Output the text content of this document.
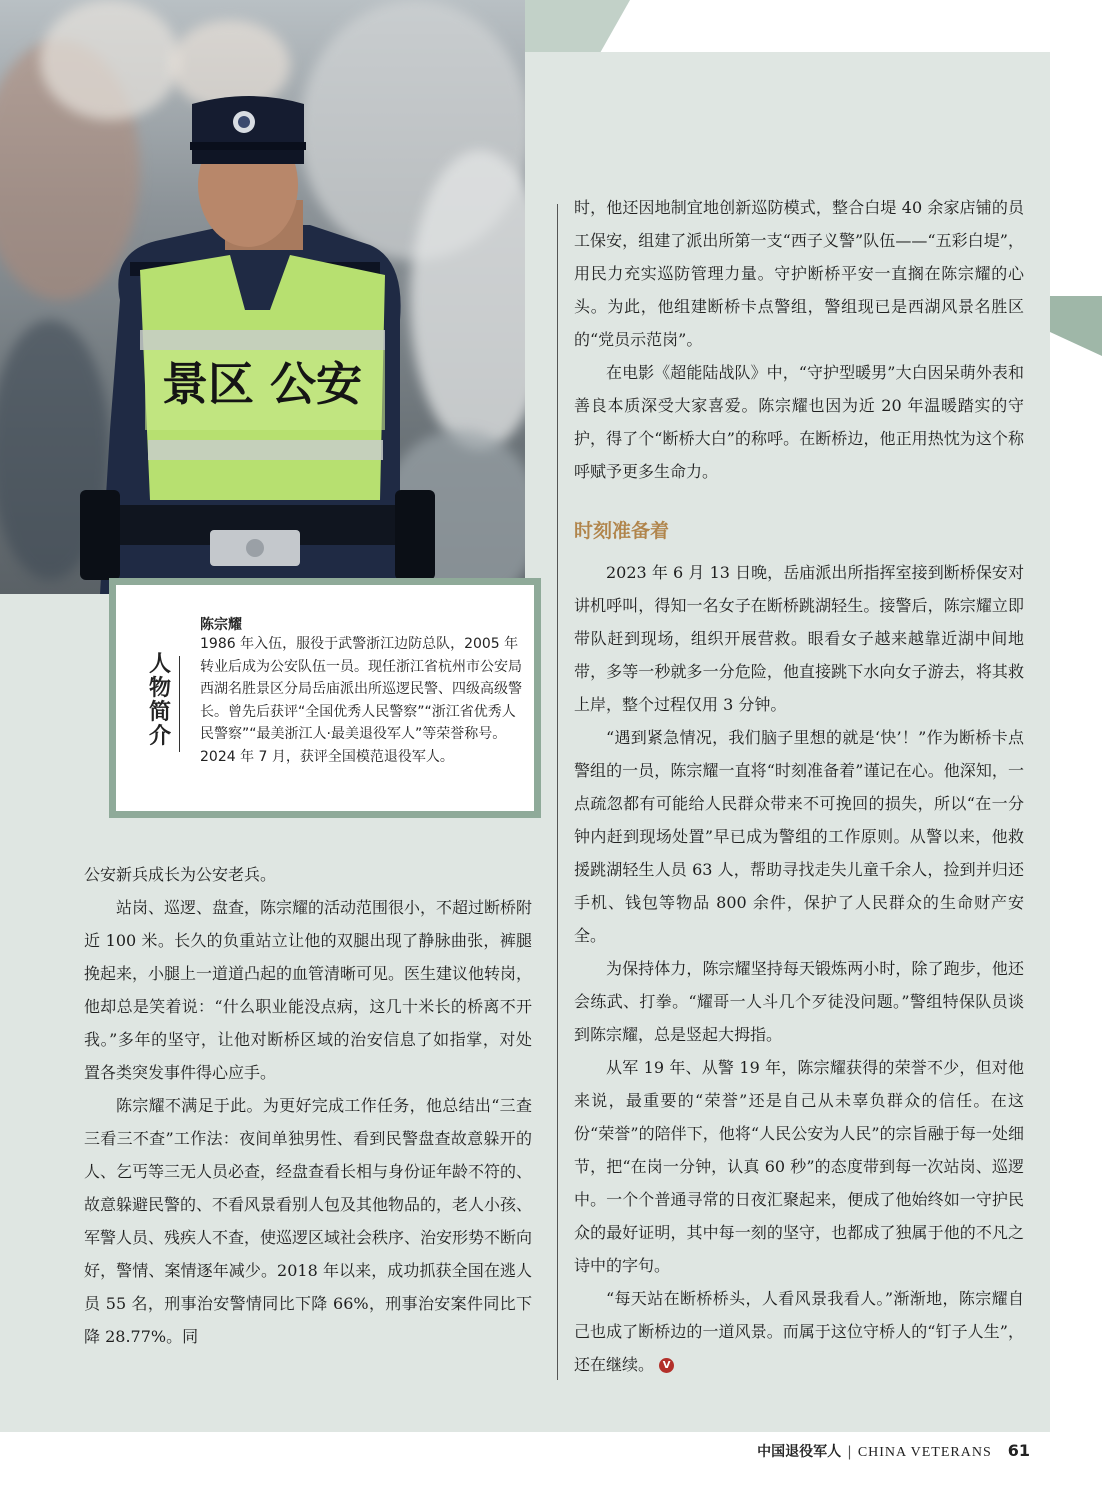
景区 公安
人物简介
陈宗耀
1986 年入伍，服役于武警浙江边防总队，2005 年转业后成为公安队伍一员。现任浙江省杭州市公安局西湖名胜景区分局岳庙派出所巡逻民警、四级高级警长。曾先后获评“全国优秀人民警察”“浙江省优秀人民警察”“最美浙江人·最美退役军人”等荣誉称号。2024 年 7 月，获评全国模范退役军人。

公安新兵成长为公安老兵。

站岗、巡逻、盘查，陈宗耀的活动范围很小，不超过断桥附近 100 米。长久的负重站立让他的双腿出现了静脉曲张，裤腿挽起来，小腿上一道道凸起的血管清晰可见。医生建议他转岗，他却总是笑着说：“什么职业能没点病，这几十米长的桥离不开我。”多年的坚守，让他对断桥区域的治安信息了如指掌，对处置各类突发事件得心应手。

陈宗耀不满足于此。为更好完成工作任务，他总结出“三查三看三不查”工作法：夜间单独男性、看到民警盘查故意躲开的人、乞丐等三无人员必查，经盘查看长相与身份证年龄不符的、故意躲避民警的、不看风景看别人包及其他物品的，老人小孩、军警人员、残疾人不查，使巡逻区域社会秩序、治安形势不断向好，警情、案情逐年减少。2018 年以来，成功抓获全国在逃人员 55 名，刑事治安警情同比下降 66%，刑事治安案件同比下降 28.77%。同

时，他还因地制宜地创新巡防模式，整合白堤 40 余家店铺的员工保安，组建了派出所第一支“西子义警”队伍——“五彩白堤”，用民力充实巡防管理力量。守护断桥平安一直搁在陈宗耀的心头。为此，他组建断桥卡点警组，警组现已是西湖风景名胜区的“党员示范岗”。

在电影《超能陆战队》中，“守护型暖男”大白因呆萌外表和善良本质深受大家喜爱。陈宗耀也因为近 20 年温暖踏实的守护，得了个“断桥大白”的称呼。在断桥边，他正用热忱为这个称呼赋予更多生命力。

时刻准备着

2023 年 6 月 13 日晚，岳庙派出所指挥室接到断桥保安对讲机呼叫，得知一名女子在断桥跳湖轻生。接警后，陈宗耀立即带队赶到现场，组织开展营救。眼看女子越来越靠近湖中间地带，多等一秒就多一分危险，他直接跳下水向女子游去，将其救上岸，整个过程仅用 3 分钟。

“遇到紧急情况，我们脑子里想的就是‘快’！”作为断桥卡点警组的一员，陈宗耀一直将“时刻准备着”谨记在心。他深知，一点疏忽都有可能给人民群众带来不可挽回的损失，所以“在一分钟内赶到现场处置”早已成为警组的工作原则。从警以来，他救援跳湖轻生人员 63 人，帮助寻找走失儿童千余人，捡到并归还手机、钱包等物品 800 余件，保护了人民群众的生命财产安全。

为保持体力，陈宗耀坚持每天锻炼两小时，除了跑步，他还会练武、打拳。“耀哥一人斗几个歹徒没问题。”警组特保队员谈到陈宗耀，总是竖起大拇指。

从军 19 年、从警 19 年，陈宗耀获得的荣誉不少，但对他来说，最重要的“荣誉”还是自己从未辜负群众的信任。在这份“荣誉”的陪伴下，他将“人民公安为人民”的宗旨融于每一处细节，把“在岗一分钟，认真 60 秒”的态度带到每一次站岗、巡逻中。一个个普通寻常的日夜汇聚起来，便成了他始终如一守护民众的最好证明，其中每一刻的坚守，也都成了独属于他的不凡之诗中的字句。

“每天站在断桥桥头，人看风景我看人。”渐渐地，陈宗耀自己也成了断桥边的一道风景。而属于这位守桥人的“钉子人生”，还在继续。 V

中国退役军人 | CHINA VETERANS 61
